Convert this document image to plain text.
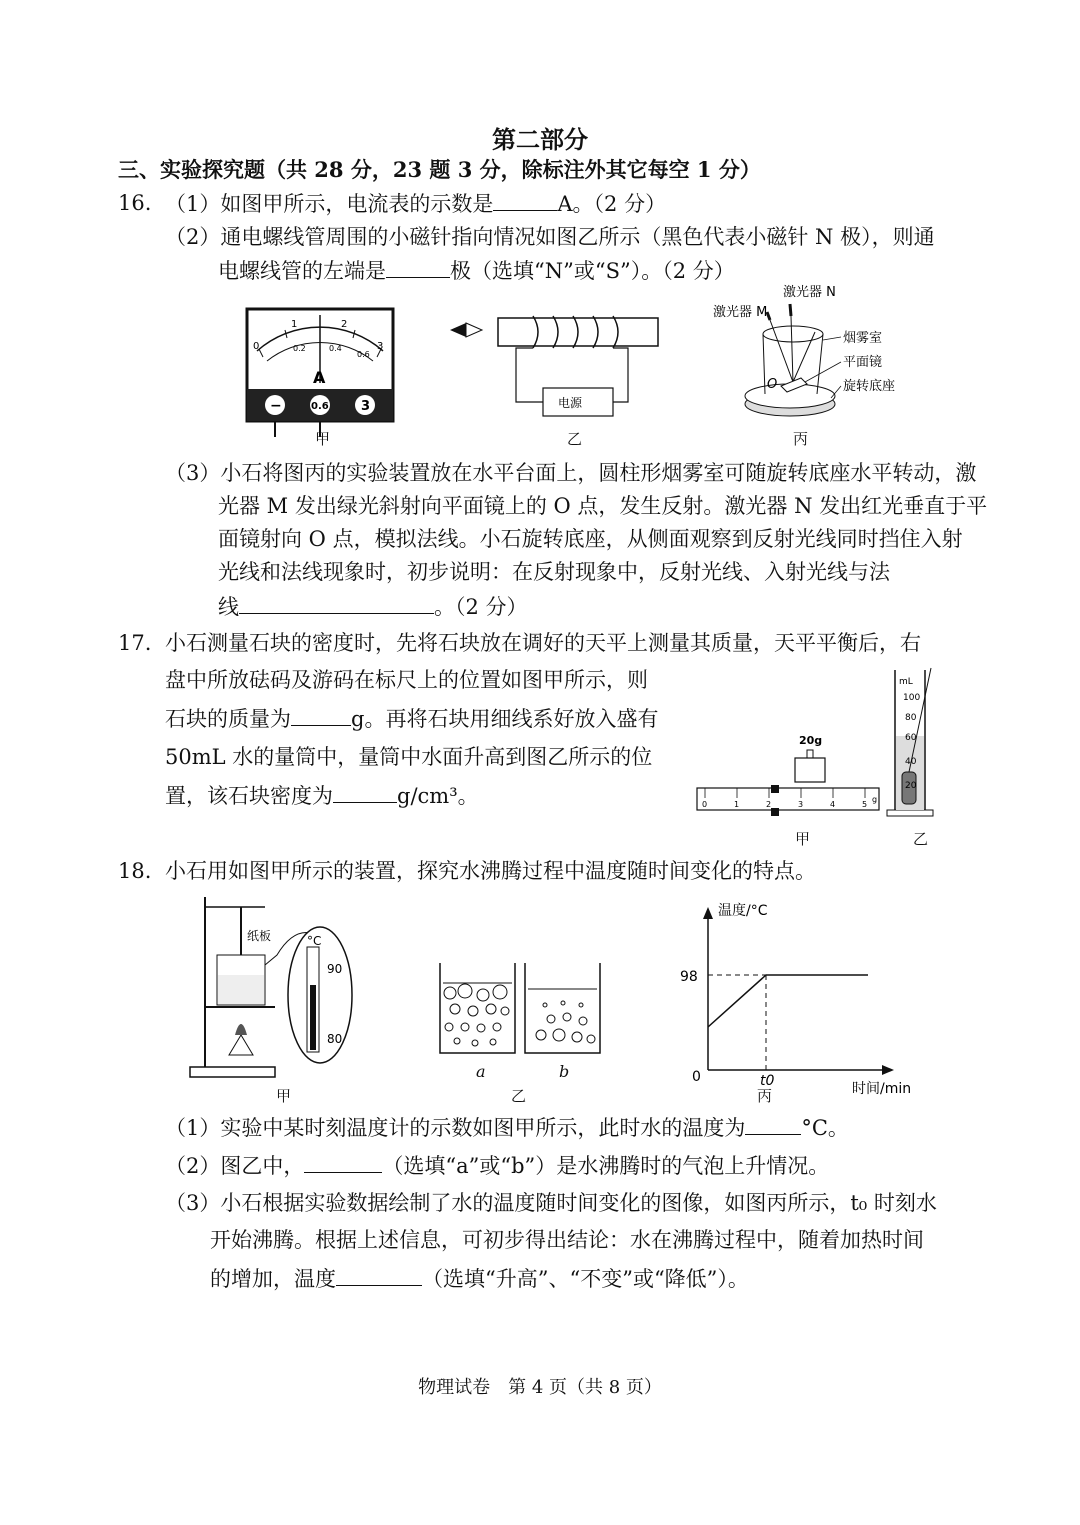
第二部分
三、实验探究题（共 28 分，23 题 3 分，除标注外其它每空 1 分）
16. （1）如图甲所示，电流表的示数是	A。（2 分）
（2）通电螺线管周围的小磁针指向情况如图乙所示（黑色代表小磁针 N 极），则通
电螺线管的左端是	极（选填“N”或“S”）。（2 分）
0
1	2
3
0.2	0.4
0.6
A
−	0.6 3
甲
电源
乙
激光器 N
激光器 M
烟雾室
平面镜
旋转底座
O
丙
（3）小石将图丙的实验装置放在水平台面上，圆柱形烟雾室可随旋转底座水平转动，激
光器 M 发出绿光斜射向平面镜上的 O 点，发生反射。激光器 N 发出红光垂直于平
面镜射向 O 点，模拟法线。小石旋转底座，从侧面观察到反射光线同时挡住入射
光线和法线现象时，初步说明：在反射现象中，反射光线、入射光线与法
线	。（2 分）
17. 小石测量石块的密度时，先将石块放在调好的天平上测量其质量，天平平衡后，右
盘中所放砝码及游码在标尺上的位置如图甲所示，则
石块的质量为	g。再将石块用细线系好放入盛有
50mL 水的量筒中，量筒中水面升高到图乙所示的位
置，该石块密度为	g/cm³。
20g
0	1	2	3	4	5
g
甲
mL
100
80
60
40
20
乙
18. 小石用如图甲所示的装置，探究水沸腾过程中温度随时间变化的特点。
纸板	°C
90
80
甲
a	b
乙
温度/°C
时间/min
98
0	t0
丙
（1）实验中某时刻温度计的示数如图甲所示，此时水的温度为	°C。
（2）图乙中，	（选填“a”或“b”）是水沸腾时的气泡上升情况。
（3）小石根据实验数据绘制了水的温度随时间变化的图像，如图丙所示，t₀ 时刻水
开始沸腾。根据上述信息，可初步得出结论：水在沸腾过程中，随着加热时间
的增加，温度	（选填“升高”、“不变”或“降低”）。
物理试卷　第 4 页（共 8 页）
